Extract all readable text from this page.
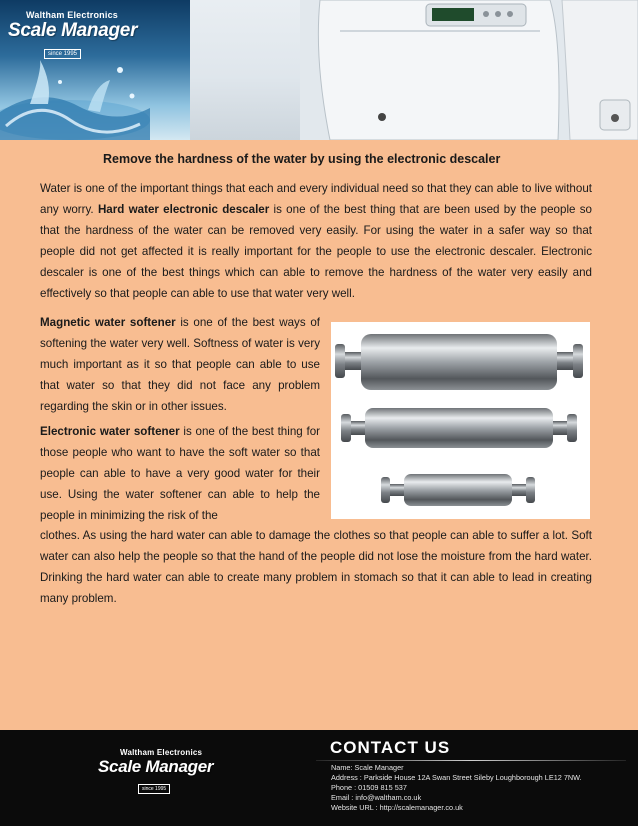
Waltham Electronics
Scale Manager
since 1995
Remove the hardness of the water by using the electronic descaler

Water is one of the important things that each and every individual need so that they can able to live without any worry. Hard water electronic descaler is one of the best thing that are been used by the people so that the hardness of the water can be removed very easily. For using the water in a safer way so that people did not get affected it is really important for the people to use the electronic descaler. Electronic descaler is one of the best things which can able to remove the hardness of the water very easily and effectively so that people can able to use that water very well.

Magnetic water softener is one of the best ways of softening the water very well. Softness of water is very much important as it so that people can able to use that water so that they did not face any problem regarding the skin or in other issues.

Electronic water softener is one of the best thing for those people who want to have the soft water so that people can able to have a very good water for their use. Using the water softener can able to help the people in minimizing the risk of the

clothes. As using the hard water can able to damage the clothes so that people can able to suffer a lot. Soft water can also help the people so that the hand of the people did not lose the moisture from the hard water. Drinking the hard water can able to create many problem in stomach so that it can able to lead in creating many problem.

Waltham Electronics
Scale Manager
since 1995
CONTACT US
Name: Scale Manager
Address : Parkside House 12A Swan Street Sileby Loughborough LE12 7NW.
Phone : 01509 815 537
Email : info@waltham.co.uk
Website URL : http://scalemanager.co.uk
